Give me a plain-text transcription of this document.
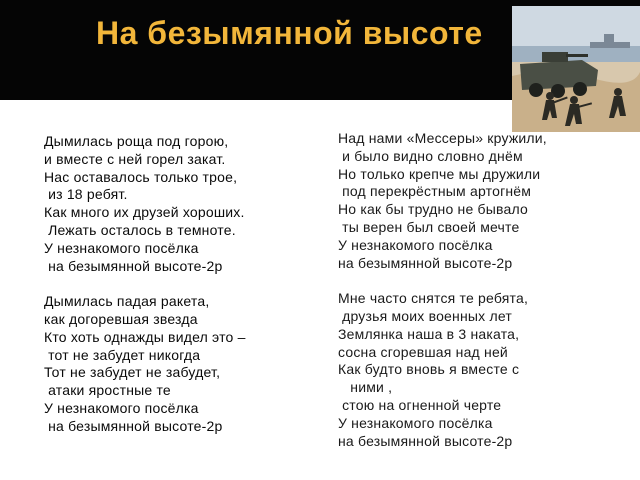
На безымянной высоте
Дымилась роща под горою,
и вместе с ней горел закат.
Нас оставалось только трое,
из 18 ребят.
Как много их друзей хороших.
Лежать осталось в темноте.
У незнакомого посёлка
на безымянной высоте-2р
Дымилась падая ракета,
как догоревшая звезда
Кто хоть однажды видел это –
тот не забудет никогда
Тот не забудет не забудет,
атаки яростные те
У незнакомого посёлка
на безымянной высоте-2р
Над нами «Мессеры» кружили,
и было видно словно днём
Но только крепче мы дружили
под перекрёстным артогнём
Но как бы трудно не бывало
ты верен был своей мечте
У незнакомого посёлка
на безымянной высоте-2р
Мне часто снятся те ребята,
друзья моих военных лет
Землянка наша в 3 наката,
сосна сгоревшая над ней
Как будто вновь я вместе с
ними ,
стою на огненной черте
У незнакомого посёлка
на безымянной высоте-2р
